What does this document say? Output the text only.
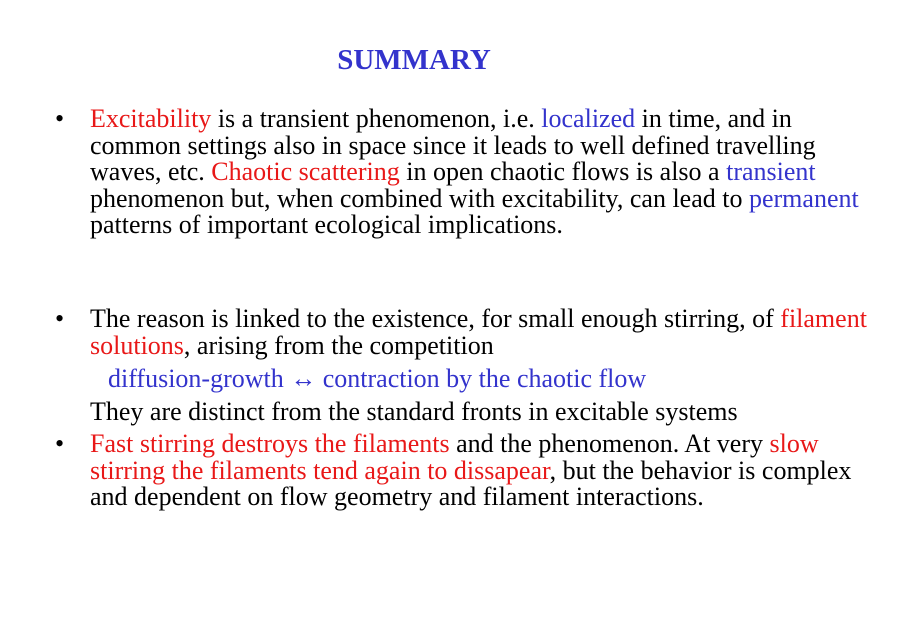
SUMMARY
• Excitability is a transient phenomenon, i.e. localized in time, and in common settings also in space since it leads to well defined travelling waves, etc. Chaotic scattering in open chaotic flows is also a transient phenomenon but, when combined with excitability, can lead to permanent patterns of important ecological implications.
• The reason is linked to the existence, for small enough stirring, of filament solutions, arising from the competition
diffusion-growth ↔ contraction by the chaotic flow
They are distinct from the standard fronts in excitable systems
• Fast stirring destroys the filaments and the phenomenon. At very slow stirring the filaments tend again to dissapear, but the behavior is complex and dependent on flow geometry and filament interactions.
